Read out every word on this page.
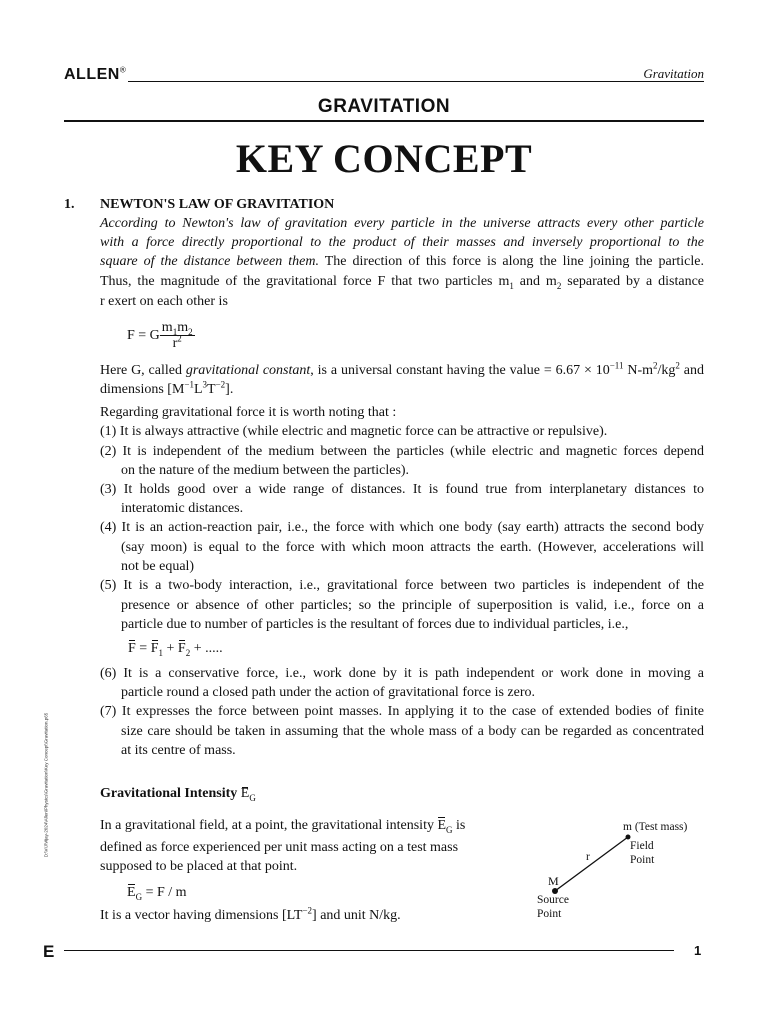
ALLEN®	Gravitation
GRAVITATION
KEY CONCEPT
1. NEWTON'S LAW OF GRAVITATION
According to Newton's law of gravitation every particle in the universe attracts every other particle
with a force directly proportional to the product of their masses and inversely proportional to the
square of the distance between them. The direction of this force is along the line joining the particle.
Thus, the magnitude of the gravitational force F that two particles $m_1$ and $m_2$ separated by a distance
r exert on each other is
F = G $\frac{m_1m_2}{r^2}$
Here G, called gravitational constant, is a universal constant having the value = $6.67 \times 10^{-11}$ $N-m^2/kg^2$ and
dimensions $[M^{-1}L^3T^{-2}]$.
Regarding gravitational force it is worth noting that :
(1) It is always attractive (while electric and magnetic force can be attractive or repulsive).
(2) It is independent of the medium between the particles (while electric and magnetic forces depend
on the nature of the medium between the particles).
(3) It holds good over a wide range of distances. It is found true from interplanetary distances to
interatomic distances.
(4) It is an action-reaction pair, i.e., the force with which one body (say earth) attracts the second body
(say moon) is equal to the force with which moon attracts the earth. (However, accelerations will
not be equal)
(5) It is a two-body interaction, i.e., gravitational force between two particles is independent of the
presence or absence of other particles; so the principle of superposition is valid, i.e., force on a
particle due to number of particles is the resultant of forces due to individual particles, i.e.,
$F = F_1 + F_2$ + .....
(6) It is a conservative force, i.e., work done by it is path independent or work done in moving a
particle round a closed path under the action of gravitational force is zero.
(7) It expresses the force between point masses. In applying it to the case of extended bodies of finite
size care should be taken in assuming that the whole mass of a body can be regarded as concentrated
at its centre of mass.
Gravitational Intensity $E_G$
In a gravitational field, at a point, the gravitational intensity $E_G$ is
defined as force experienced per unit mass acting on a test mass
supposed to be placed at that point.
$E_G = F / m$
It is a vector having dimensions $[LT^{-2}]$ and unit N/kg.
m (Test mass)
Field
Point
r
M
Source
Point
D:\VIJ\Vijay-2024\Allen\Physics\Gravitation\Key Concept\Gravitation.p65
E	1
